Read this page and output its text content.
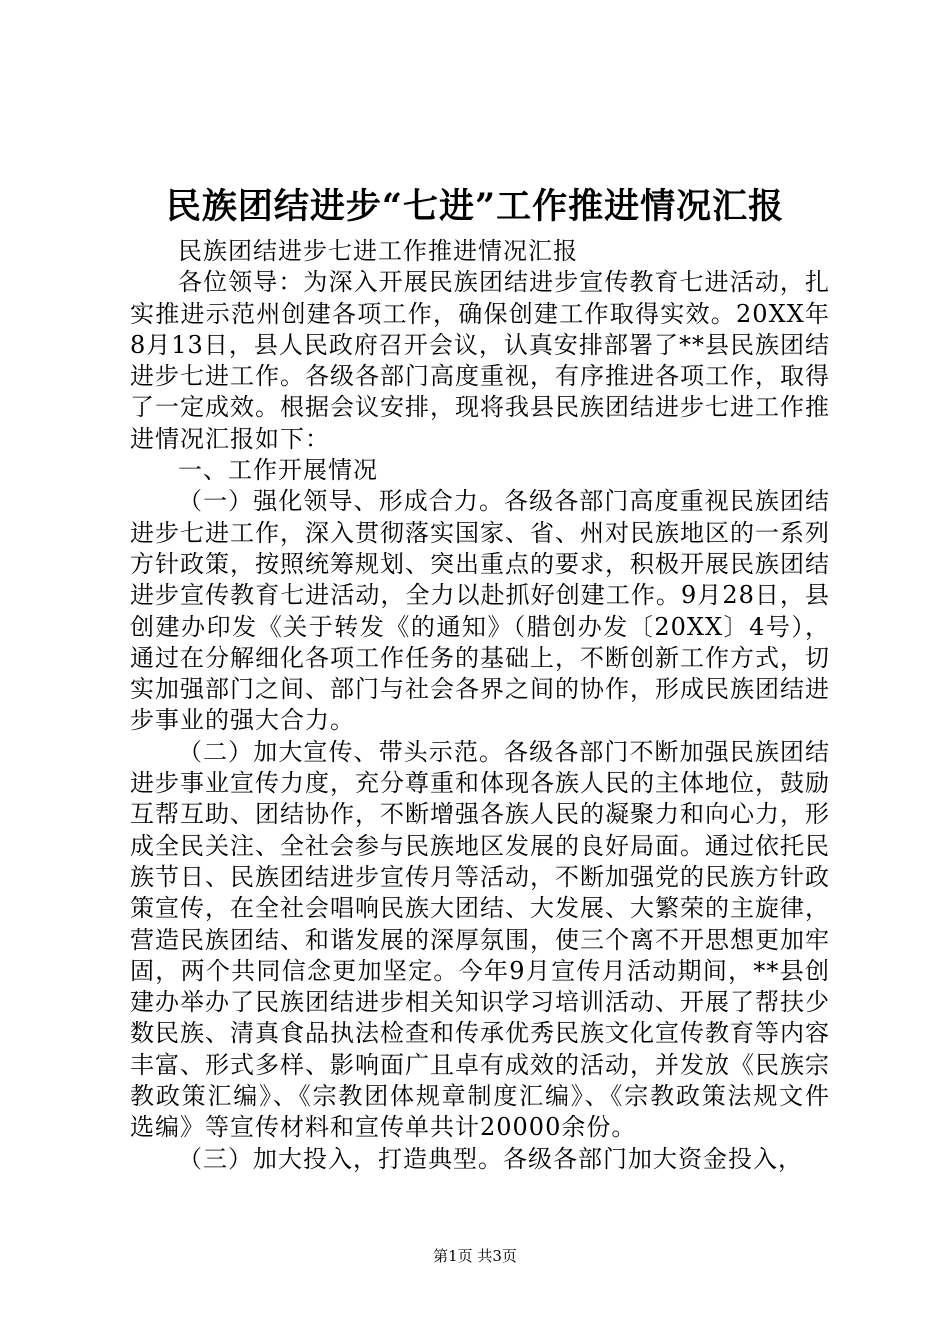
民族团结进步“七进”工作推进情况汇报

民族团结进步七进工作推进情况汇报

各位领导：为深入开展民族团结进步宣传教育七进活动，扎实推进示范州创建各项工作，确保创建工作取得实效。20XX年8月13日，县人民政府召开会议，认真安排部署了**县民族团结进步七进工作。各级各部门高度重视，有序推进各项工作，取得了一定成效。根据会议安排，现将我县民族团结进步七进工作推进情况汇报如下：

一、工作开展情况

（一）强化领导、形成合力。各级各部门高度重视民族团结进步七进工作，深入贯彻落实国家、省、州对民族地区的一系列方针政策，按照统筹规划、突出重点的要求，积极开展民族团结进步宣传教育七进活动，全力以赴抓好创建工作。9月28日，县创建办印发《关于转发《的通知》（腊创办发〔20XX〕4号），通过在分解细化各项工作任务的基础上，不断创新工作方式，切实加强部门之间、部门与社会各界之间的协作，形成民族团结进步事业的强大合力。

（二）加大宣传、带头示范。各级各部门不断加强民族团结进步事业宣传力度，充分尊重和体现各族人民的主体地位，鼓励互帮互助、团结协作，不断增强各族人民的凝聚力和向心力，形成全民关注、全社会参与民族地区发展的良好局面。通过依托民族节日、民族团结进步宣传月等活动，不断加强党的民族方针政策宣传，在全社会唱响民族大团结、大发展、大繁荣的主旋律，营造民族团结、和谐发展的深厚氛围，使三个离不开思想更加牢固，两个共同信念更加坚定。今年9月宣传月活动期间，**县创建办举办了民族团结进步相关知识学习培训活动、开展了帮扶少数民族、清真食品执法检查和传承优秀民族文化宣传教育等内容丰富、形式多样、影响面广且卓有成效的活动，并发放《民族宗教政策汇编》、《宗教团体规章制度汇编》、《宗教政策法规文件选编》等宣传材料和宣传单共计20000余份。

（三）加大投入，打造典型。各级各部门加大资金投入，

第1页 共3页
